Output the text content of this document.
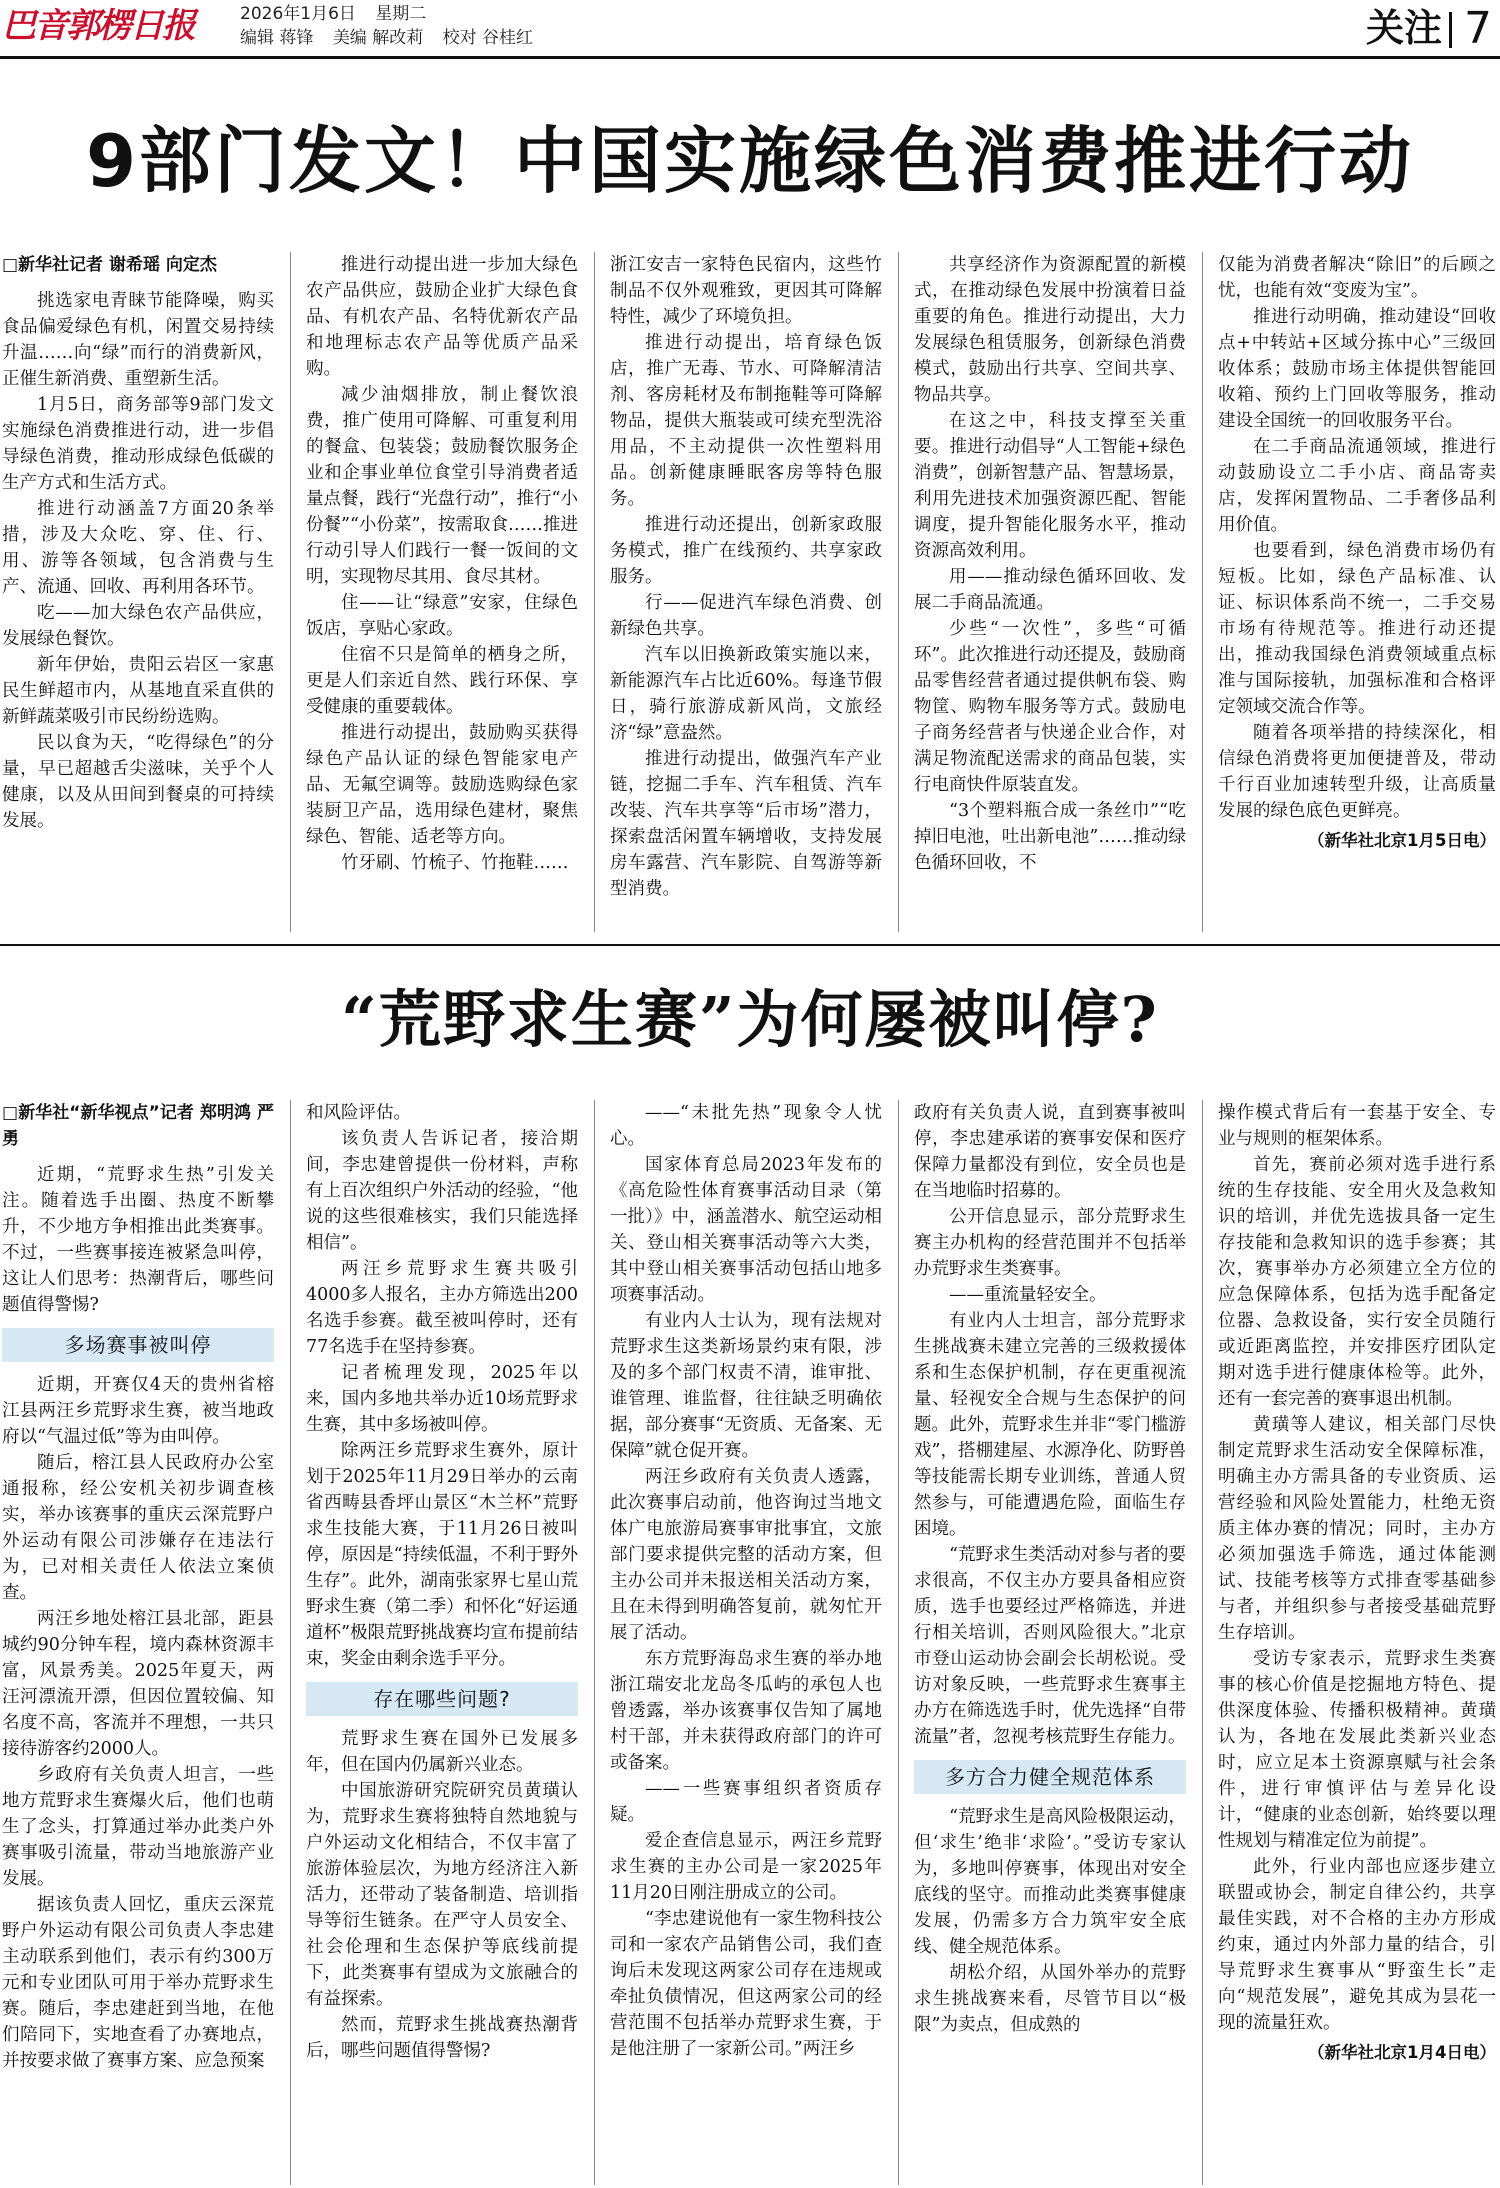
巴音郭楞日报	2026年1月6日 星期二
编辑 蒋锋 美编 解改莉 校对 谷桂红	关注 7
9部门发文！中国实施绿色消费推进行动
□新华社记者 谢希瑶 向定杰

挑选家电青睐节能降噪，购买食品偏爱绿色有机，闲置交易持续升温……向“绿”而行的消费新风，正催生新消费、重塑新生活。

1月5日，商务部等9部门发文实施绿色消费推进行动，进一步倡导绿色消费，推动形成绿色低碳的生产方式和生活方式。

推进行动涵盖7方面20条举措，涉及大众吃、穿、住、行、用、游等各领域，包含消费与生产、流通、回收、再利用各环节。

吃——加大绿色农产品供应，发展绿色餐饮。

新年伊始，贵阳云岩区一家惠民生鲜超市内，从基地直采直供的新鲜蔬菜吸引市民纷纷选购。

民以食为天，“吃得绿色”的分量，早已超越舌尖滋味，关乎个人健康，以及从田间到餐桌的可持续发展。

推进行动提出进一步加大绿色农产品供应，鼓励企业扩大绿色食品、有机农产品、名特优新农产品和地理标志农产品等优质产品采购。

减少油烟排放，制止餐饮浪费，推广使用可降解、可重复利用的餐盒、包装袋；鼓励餐饮服务企业和企事业单位食堂引导消费者适量点餐，践行“光盘行动”，推行“小份餐”“小份菜”，按需取食……推进行动引导人们践行一餐一饭间的文明，实现物尽其用、食尽其材。

住——让“绿意”安家，住绿色饭店，享贴心家政。

住宿不只是简单的栖身之所，更是人们亲近自然、践行环保、享受健康的重要载体。

推进行动提出，鼓励购买获得绿色产品认证的绿色智能家电产品、无氟空调等。鼓励选购绿色家装厨卫产品，选用绿色建材，聚焦绿色、智能、适老等方向。

竹牙刷、竹梳子、竹拖鞋……

浙江安吉一家特色民宿内，这些竹制品不仅外观雅致，更因其可降解特性，减少了环境负担。

推进行动提出，培育绿色饭店，推广无毒、节水、可降解清洁剂、客房耗材及布制拖鞋等可降解物品，提供大瓶装或可续充型洗浴用品，不主动提供一次性塑料用品。创新健康睡眠客房等特色服务。

推进行动还提出，创新家政服务模式，推广在线预约、共享家政服务。

行——促进汽车绿色消费、创新绿色共享。

汽车以旧换新政策实施以来，新能源汽车占比近60%。每逢节假日，骑行旅游成新风尚，文旅经济“绿”意盎然。

推进行动提出，做强汽车产业链，挖掘二手车、汽车租赁、汽车改装、汽车共享等“后市场”潜力，探索盘活闲置车辆增收，支持发展房车露营、汽车影院、自驾游等新型消费。

共享经济作为资源配置的新模式，在推动绿色发展中扮演着日益重要的角色。推进行动提出，大力发展绿色租赁服务，创新绿色消费模式，鼓励出行共享、空间共享、物品共享。

在这之中，科技支撑至关重要。推进行动倡导“人工智能+绿色消费”，创新智慧产品、智慧场景，利用先进技术加强资源匹配、智能调度，提升智能化服务水平，推动资源高效利用。

用——推动绿色循环回收、发展二手商品流通。

少些“一次性”，多些“可循环”。此次推进行动还提及，鼓励商品零售经营者通过提供帆布袋、购物筐、购物车服务等方式。鼓励电子商务经营者与快递企业合作，对满足物流配送需求的商品包装，实行电商快件原装直发。

“3个塑料瓶合成一条丝巾”“吃掉旧电池，吐出新电池”……推动绿色循环回收，不

仅能为消费者解决“除旧”的后顾之忧，也能有效“变废为宝”。

推进行动明确，推动建设“回收点+中转站+区域分拣中心”三级回收体系；鼓励市场主体提供智能回收箱、预约上门回收等服务，推动建设全国统一的回收服务平台。

在二手商品流通领域，推进行动鼓励设立二手小店、商品寄卖店，发挥闲置物品、二手奢侈品利用价值。

也要看到，绿色消费市场仍有短板。比如，绿色产品标准、认证、标识体系尚不统一，二手交易市场有待规范等。推进行动还提出，推动我国绿色消费领域重点标准与国际接轨，加强标准和合格评定领域交流合作等。

随着各项举措的持续深化，相信绿色消费将更加便捷普及，带动千行百业加速转型升级，让高质量发展的绿色底色更鲜亮。

（新华社北京1月5日电）
“荒野求生赛”为何屡被叫停?
□新华社“新华视点”记者 郑明鸿 严勇

近期，“荒野求生热”引发关注。随着选手出圈、热度不断攀升，不少地方争相推出此类赛事。不过，一些赛事接连被紧急叫停，这让人们思考：热潮背后，哪些问题值得警惕?

多场赛事被叫停

近期，开赛仅4天的贵州省榕江县两汪乡荒野求生赛，被当地政府以“气温过低”等为由叫停。

随后，榕江县人民政府办公室通报称，经公安机关初步调查核实，举办该赛事的重庆云深荒野户外运动有限公司涉嫌存在违法行为，已对相关责任人依法立案侦查。

两汪乡地处榕江县北部，距县城约90分钟车程，境内森林资源丰富，风景秀美。2025年夏天，两汪河漂流开漂，但因位置较偏、知名度不高，客流并不理想，一共只接待游客约2000人。

乡政府有关负责人坦言，一些地方荒野求生赛爆火后，他们也萌生了念头，打算通过举办此类户外赛事吸引流量，带动当地旅游产业发展。

据该负责人回忆，重庆云深荒野户外运动有限公司负责人李忠建主动联系到他们，表示有约300万元和专业团队可用于举办荒野求生赛。随后，李忠建赶到当地，在他们陪同下，实地查看了办赛地点，并按要求做了赛事方案、应急预案

和风险评估。

该负责人告诉记者，接洽期间，李忠建曾提供一份材料，声称有上百次组织户外活动的经验，“他说的这些很难核实，我们只能选择相信”。

两汪乡荒野求生赛共吸引4000多人报名，主办方筛选出200名选手参赛。截至被叫停时，还有77名选手在坚持参赛。

记者梳理发现，2025年以来，国内多地共举办近10场荒野求生赛，其中多场被叫停。

除两汪乡荒野求生赛外，原计划于2025年11月29日举办的云南省西畴县香坪山景区“木兰杯”荒野求生技能大赛，于11月26日被叫停，原因是“持续低温，不利于野外生存”。此外，湖南张家界七星山荒野求生赛（第二季）和怀化“好运通道杯”极限荒野挑战赛均宣布提前结束，奖金由剩余选手平分。

存在哪些问题?

荒野求生赛在国外已发展多年，但在国内仍属新兴业态。

中国旅游研究院研究员黄璜认为，荒野求生赛将独特自然地貌与户外运动文化相结合，不仅丰富了旅游体验层次，为地方经济注入新活力，还带动了装备制造、培训指导等衍生链条。在严守人员安全、社会伦理和生态保护等底线前提下，此类赛事有望成为文旅融合的有益探索。

然而，荒野求生挑战赛热潮背后，哪些问题值得警惕?

——“未批先热”现象令人忧心。

国家体育总局2023年发布的《高危险性体育赛事活动目录（第一批）》中，涵盖潜水、航空运动相关、登山相关赛事活动等六大类，其中登山相关赛事活动包括山地多项赛事活动。

有业内人士认为，现有法规对荒野求生这类新场景约束有限，涉及的多个部门权责不清，谁审批、谁管理、谁监督，往往缺乏明确依据，部分赛事“无资质、无备案、无保障”就仓促开赛。

两汪乡政府有关负责人透露，此次赛事启动前，他咨询过当地文体广电旅游局赛事审批事宜，文旅部门要求提供完整的活动方案，但主办公司并未报送相关活动方案，且在未得到明确答复前，就匆忙开展了活动。

东方荒野海岛求生赛的举办地浙江瑞安北龙岛冬瓜屿的承包人也曾透露，举办该赛事仅告知了属地村干部，并未获得政府部门的许可或备案。

——一些赛事组织者资质存疑。

爱企查信息显示，两汪乡荒野求生赛的主办公司是一家2025年11月20日刚注册成立的公司。

“李忠建说他有一家生物科技公司和一家农产品销售公司，我们查询后未发现这两家公司存在违规或牵扯负债情况，但这两家公司的经营范围不包括举办荒野求生赛，于是他注册了一家新公司。”两汪乡

政府有关负责人说，直到赛事被叫停，李忠建承诺的赛事安保和医疗保障力量都没有到位，安全员也是在当地临时招募的。

公开信息显示，部分荒野求生赛主办机构的经营范围并不包括举办荒野求生类赛事。

——重流量轻安全。

有业内人士坦言，部分荒野求生挑战赛未建立完善的三级救援体系和生态保护机制，存在更重视流量、轻视安全合规与生态保护的问题。此外，荒野求生并非“零门槛游戏”，搭棚建屋、水源净化、防野兽等技能需长期专业训练，普通人贸然参与，可能遭遇危险，面临生存困境。

“荒野求生类活动对参与者的要求很高，不仅主办方要具备相应资质，选手也要经过严格筛选，并进行相关培训，否则风险很大。”北京市登山运动协会副会长胡松说。受访对象反映，一些荒野求生赛事主办方在筛选选手时，优先选择“自带流量”者，忽视考核荒野生存能力。

多方合力健全规范体系

“荒野求生是高风险极限运动，但‘求生’绝非‘求险’。”受访专家认为，多地叫停赛事，体现出对安全底线的坚守。而推动此类赛事健康发展，仍需多方合力筑牢安全底线、健全规范体系。

胡松介绍，从国外举办的荒野求生挑战赛来看，尽管节目以“极限”为卖点，但成熟的

操作模式背后有一套基于安全、专业与规则的框架体系。

首先，赛前必须对选手进行系统的生存技能、安全用火及急救知识的培训，并优先选拔具备一定生存技能和急救知识的选手参赛；其次，赛事举办方必须建立全方位的应急保障体系，包括为选手配备定位器、急救设备，实行安全员随行或近距离监控，并安排医疗团队定期对选手进行健康体检等。此外，还有一套完善的赛事退出机制。

黄璜等人建议，相关部门尽快制定荒野求生活动安全保障标准，明确主办方需具备的专业资质、运营经验和风险处置能力，杜绝无资质主体办赛的情况；同时，主办方必须加强选手筛选，通过体能测试、技能考核等方式排查零基础参与者，并组织参与者接受基础荒野生存培训。

受访专家表示，荒野求生类赛事的核心价值是挖掘地方特色、提供深度体验、传播积极精神。黄璜认为，各地在发展此类新兴业态时，应立足本土资源禀赋与社会条件，进行审慎评估与差异化设计，“健康的业态创新，始终要以理性规划与精准定位为前提”。

此外，行业内部也应逐步建立联盟或协会，制定自律公约，共享最佳实践，对不合格的主办方形成约束，通过内外部力量的结合，引导荒野求生赛事从“野蛮生长”走向“规范发展”，避免其成为昙花一现的流量狂欢。

（新华社北京1月4日电）
